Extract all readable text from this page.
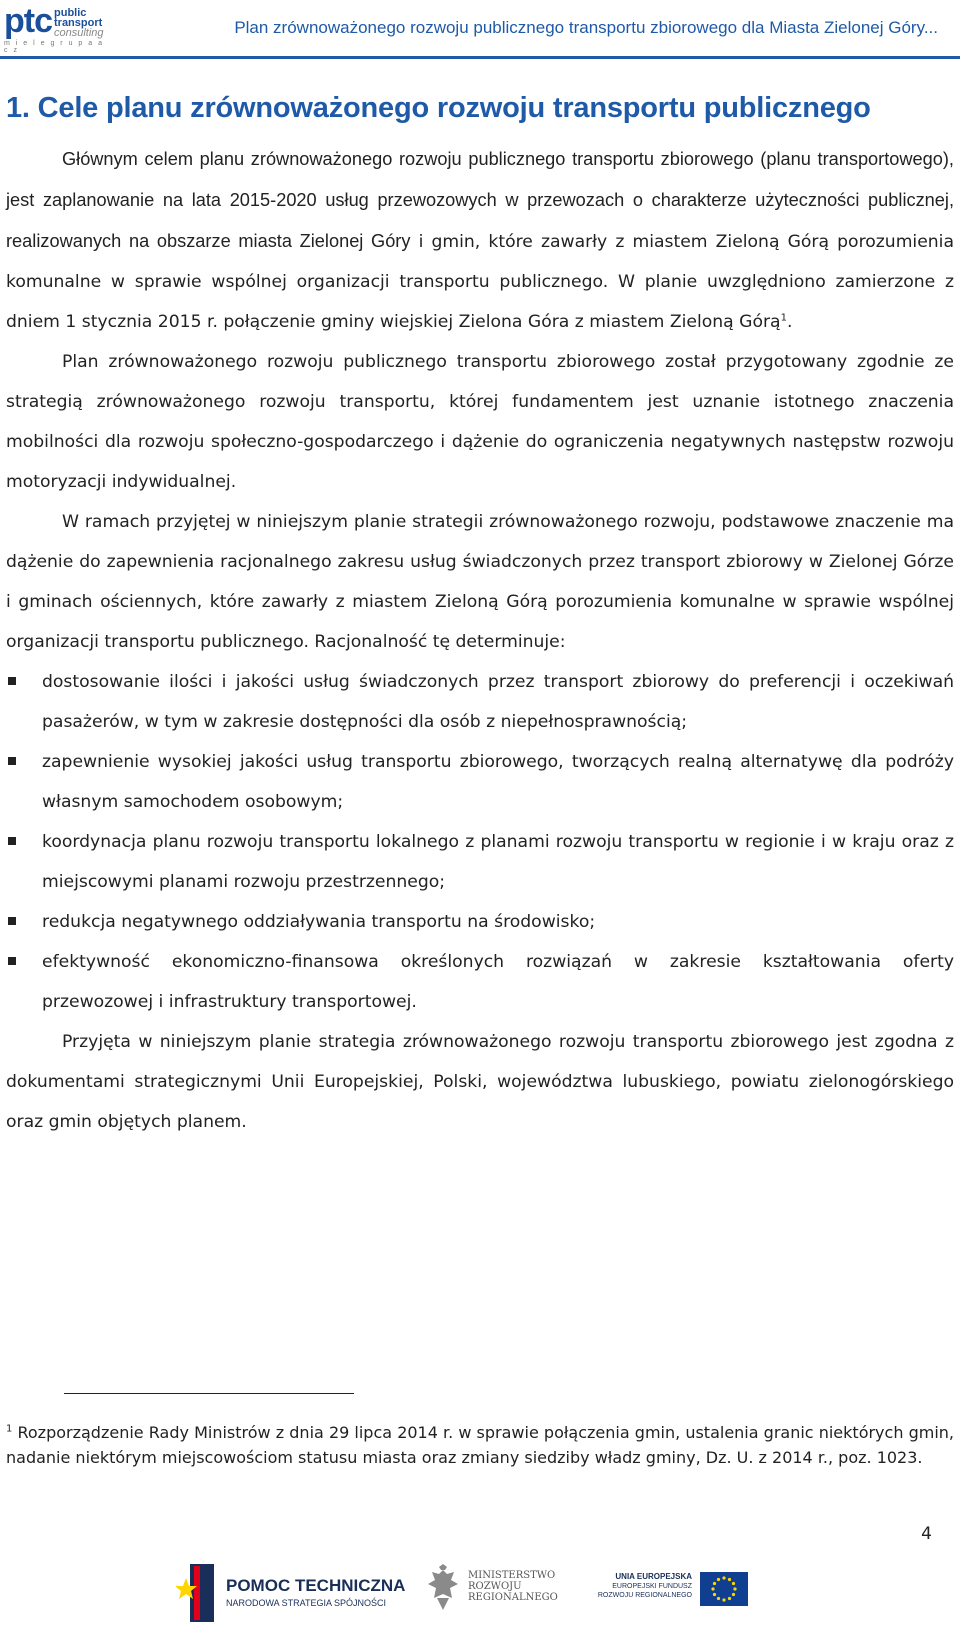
ptc public
transport
consulting
m i e l e g r u p a a c z
Plan zrównoważonego rozwoju publicznego transportu zbiorowego dla Miasta Zielonej Góry...
1. Cele planu zrównoważonego rozwoju transportu publicznego

Głównym celem planu zrównoważonego rozwoju publicznego transportu zbiorowego (planu transportowego), jest zaplanowanie na lata 2015-2020 usług przewozowych w przewozach o charakterze użyteczności publicznej, realizowanych na obszarze miasta Zielonej Góry i gmin, które zawarły z miastem Zieloną Górą porozumienia komunalne w sprawie wspólnej organizacji transportu publicznego. W planie uwzględniono zamierzone z dniem 1 stycznia 2015 r. połączenie gminy wiejskiej Zielona Góra z miastem Zieloną Górą$^1$.

Plan zrównoważonego rozwoju publicznego transportu zbiorowego został przygotowany zgodnie ze strategią zrównoważonego rozwoju transportu, której fundamentem jest uznanie istotnego znaczenia mobilności dla rozwoju społeczno-gospodarczego i dążenie do ograniczenia negatywnych następstw rozwoju motoryzacji indywidualnej.

W ramach przyjętej w niniejszym planie strategii zrównoważonego rozwoju, podstawowe znaczenie ma dążenie do zapewnienia racjonalnego zakresu usług świadczonych przez transport zbiorowy w Zielonej Górze i gminach ościennych, które zawarły z miastem Zieloną Górą porozumienia komunalne w sprawie wspólnej organizacji transportu publicznego. Racjonalność tę determinuje:

dostosowanie ilości i jakości usług świadczonych przez transport zbiorowy do preferencji i oczekiwań pasażerów, w tym w zakresie dostępności dla osób z niepełnosprawnością;
zapewnienie wysokiej jakości usług transportu zbiorowego, tworzących realną alternatywę dla podróży własnym samochodem osobowym;
koordynacja planu rozwoju transportu lokalnego z planami rozwoju transportu w regionie i w kraju oraz z miejscowymi planami rozwoju przestrzennego;
redukcja negatywnego oddziaływania transportu na środowisko;
efektywność ekonomiczno-finansowa określonych rozwiązań w zakresie kształtowania oferty przewozowej i infrastruktury transportowej.

Przyjęta w niniejszym planie strategia zrównoważonego rozwoju transportu zbiorowego jest zgodna z dokumentami strategicznymi Unii Europejskiej, Polski, województwa lubuskiego, powiatu zielonogórskiego oraz gmin objętych planem.

$^1$ Rozporządzenie Rady Ministrów z dnia 29 lipca 2014 r. w sprawie połączenia gmin, ustalenia granic niektórych gmin, nadanie niektórym miejscowościom statusu miasta oraz zmiany siedziby władz gminy, Dz. U. z 2014 r., poz. 1023.
4
POMOC TECHNICZNA
NARODOWA STRATEGIA SPÓJNOŚCI
MINISTERSTWO
ROZWOJU
REGIONALNEGO
UNIA EUROPEJSKA
EUROPEJSKI FUNDUSZ
ROZWOJU REGIONALNEGO
